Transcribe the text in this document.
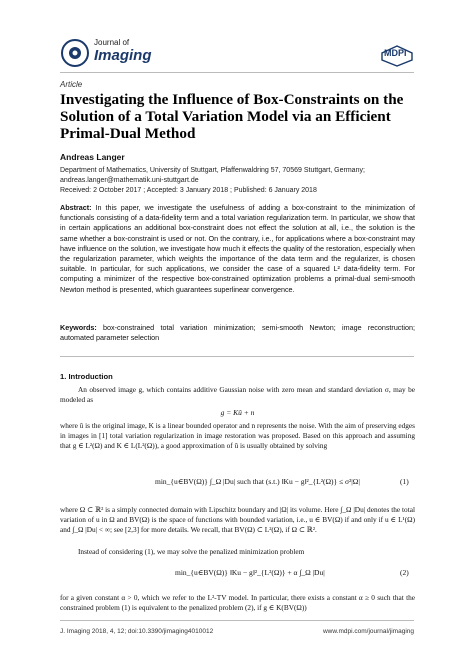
Journal of
Imaging	MDPI
Article
Investigating the Influence of Box-Constraints on the Solution of a Total Variation Model via an Efficient Primal-Dual Method
Andreas Langer
Department of Mathematics, University of Stuttgart, Pfaffenwaldring 57, 70569 Stuttgart, Germany;
andreas.langer@mathematik.uni-stuttgart.de
Received: 2 October 2017 ; Accepted: 3 January 2018 ; Published: 6 January 2018
Abstract: In this paper, we investigate the usefulness of adding a box-constraint to the minimization of functionals consisting of a data-fidelity term and a total variation regularization term. In particular, we show that in certain applications an additional box-constraint does not effect the solution at all, i.e., the solution is the same whether a box-constraint is used or not. On the contrary, i.e., for applications where a box-constraint may have influence on the solution, we investigate how much it effects the quality of the restoration, especially when the regularization parameter, which weights the importance of the data term and the regularizer, is chosen suitable. In particular, for such applications, we consider the case of a squared L² data-fidelity term. For computing a minimizer of the respective box-constrained optimization problems a primal-dual semi-smooth Newton method is presented, which guarantees superlinear convergence.
Keywords: box-constrained total variation minimization; semi-smooth Newton; image reconstruction; automated parameter selection
1. Introduction
An observed image g, which contains additive Gaussian noise with zero mean and standard deviation σ, may be modeled as
g = Kû + n
where û is the original image, K is a linear bounded operator and n represents the noise. With the aim of preserving edges in images in [1] total variation regularization in image restoration was proposed. Based on this approach and assuming that g ∈ L²(Ω) and K ∈ L(L²(Ω)), a good approximation of û is usually obtained by solving
min_{u∈BV(Ω)} ∫_Ω |Du| such that (s.t.) ‖Ku − g‖²_{L²(Ω)} ≤ σ²|Ω|	(1)
where Ω ⊂ ℝ² is a simply connected domain with Lipschitz boundary and |Ω| its volume. Here ∫_Ω |Du| denotes the total variation of u in Ω and BV(Ω) is the space of functions with bounded variation, i.e., u ∈ BV(Ω) if and only if u ∈ L¹(Ω) and ∫_Ω |Du| < ∞; see [2,3] for more details. We recall, that BV(Ω) ⊂ L²(Ω), if Ω ⊂ ℝ².
Instead of considering (1), we may solve the penalized minimization problem
min_{u∈BV(Ω)} ‖Ku − g‖²_{L²(Ω)} + α ∫_Ω |Du|	(2)
for a given constant α > 0, which we refer to the L²-TV model. In particular, there exists a constant α ≥ 0 such that the constrained problem (1) is equivalent to the penalized problem (2), if g ∈ K(BV(Ω))
J. Imaging 2018, 4, 12; doi:10.3390/jimaging4010012	www.mdpi.com/journal/jimaging
